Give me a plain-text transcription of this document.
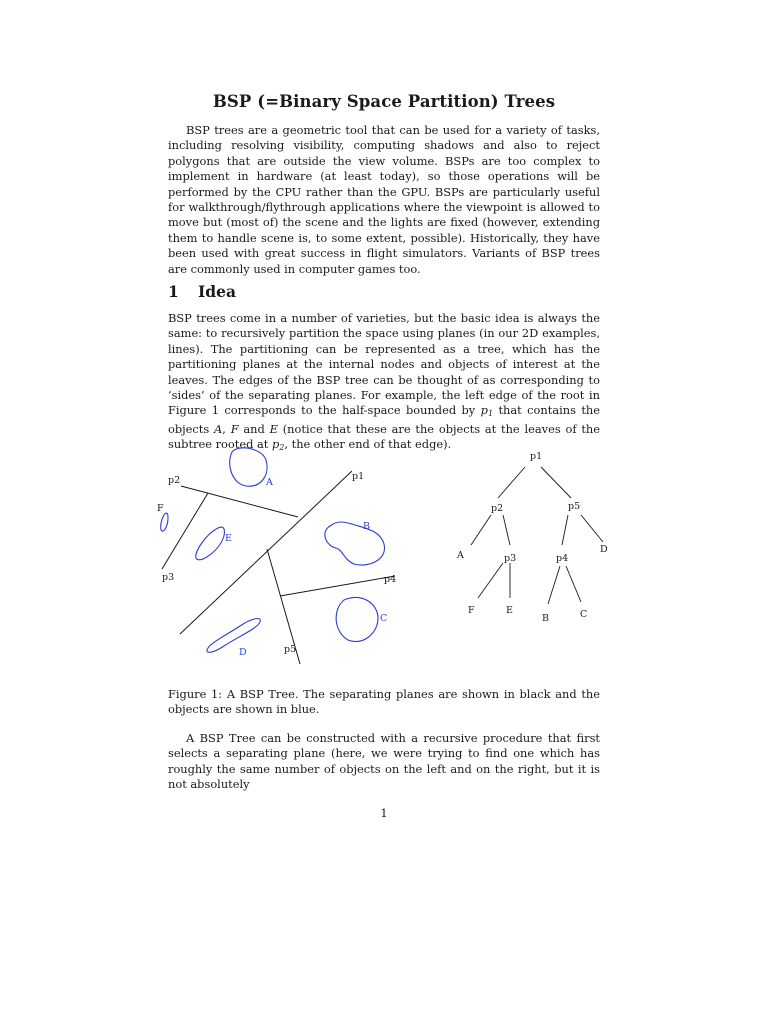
BSP (=Binary Space Partition) Trees

BSP trees are a geometric tool that can be used for a variety of tasks, including resolving visibility, computing shadows and also to reject polygons that are outside the view volume. BSPs are too complex to implement in hardware (at least today), so those operations will be performed by the CPU rather than the GPU. BSPs are particularly useful for walkthrough/flythrough applications where the viewpoint is allowed to move but (most of) the scene and the lights are fixed (however, extending them to handle scene is, to some extent, possible). Historically, they have been used with great success in flight simulators. Variants of BSP trees are commonly used in computer games too.

1 Idea

BSP trees come in a number of varieties, but the basic idea is always the same: to recursively partition the space using planes (in our 2D examples, lines). The partitioning can be represented as a tree, which has the partitioning planes at the internal nodes and objects of interest at the leaves. The edges of the BSP tree can be thought of as corresponding to ‘sides’ of the separating planes. For example, the left edge of the root in Figure 1 corresponds to the half-space bounded by $p_1$ that contains the objects A, F and E (notice that these are the objects at the leaves of the subtree rooted at $p_2$, the other end of that edge).

p2	p1
p3	p4
p5
A
F
E
B
C
D
p1
p2	p5
A	p3	p4
D
F	E
B	C

Figure 1: A BSP Tree. The separating planes are shown in black and the objects are shown in blue.

A BSP Tree can be constructed with a recursive procedure that first selects a separating plane (here, we were trying to find one which has roughly the same number of objects on the left and on the right, but it is not absolutely

1
